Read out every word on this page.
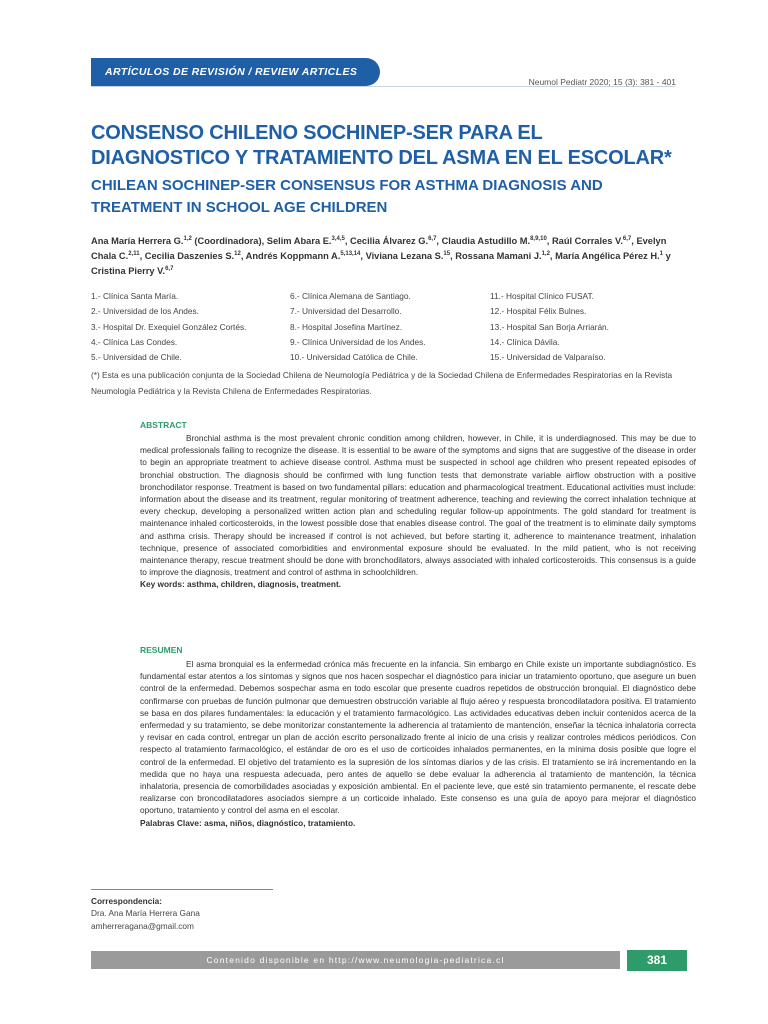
ARTÍCULOS DE REVISIÓN / REVIEW ARTICLES
Neumol Pediatr 2020; 15 (3): 381 - 401
CONSENSO CHILENO SOCHINEP-SER PARA EL DIAGNOSTICO Y TRATAMIENTO DEL ASMA EN EL ESCOLAR*
CHILEAN SOCHINEP-SER CONSENSUS FOR ASTHMA DIAGNOSIS AND TREATMENT IN SCHOOL AGE CHILDREN
Ana María Herrera G.$^{1,2}$ (Coordinadora), Selim Abara E.$^{3,4,5}$, Cecilia Álvarez G.$^{6,7}$, Claudia Astudillo M.$^{8,9,10}$, Raúl Corrales V.$^{6,7}$, Evelyn Chala C.$^{2,11}$, Cecilia Daszenies S.$^{12}$, Andrés Koppmann A.$^{5,13,14}$, Viviana Lezana S.$^{15}$, Rossana Mamani J.$^{1,2}$, María Angélica Pérez H.$^1$ y Cristina Pierry V.$^{6,7}$
1.- Clínica Santa María.
2.- Universidad de los Andes.
3.- Hospital Dr. Exequiel González Cortés.
4.- Clínica Las Condes.
5.- Universidad de Chile.
6.- Clínica Alemana de Santiago.
7.- Universidad del Desarrollo.
8.- Hospital Josefina Martínez.
9.- Clínica Universidad de los Andes.
10.- Universidad Católica de Chile.
11.- Hospital Clínico FUSAT.
12.- Hospital Félix Bulnes.
13.- Hospital San Borja Arriarán.
14.- Clínica Dávila.
15.- Universidad de Valparaíso.
(*) Esta es una publicación conjunta de la Sociedad Chilena de Neumología Pediátrica y de la Sociedad Chilena de Enfermedades Respiratorias en la Revista Neumología Pediátrica y la Revista Chilena de Enfermedades Respiratorias.
ABSTRACT

Bronchial asthma is the most prevalent chronic condition among children, however, in Chile, it is underdiagnosed. This may be due to medical professionals failing to recognize the disease. It is essential to be aware of the symptoms and signs that are suggestive of the disease in order to begin an appropriate treatment to achieve disease control. Asthma must be suspected in school age children who present repeated episodes of bronchial obstruction. The diagnosis should be confirmed with lung function tests that demonstrate variable airflow obstruction with a positive bronchodilator response. Treatment is based on two fundamental pillars: education and pharmacological treatment. Educational activities must include: information about the disease and its treatment, regular monitoring of treatment adherence, teaching and reviewing the correct inhalation technique at every checkup, developing a personalized written action plan and scheduling regular follow-up appointments. The gold standard for treatment is maintenance inhaled corticosteroids, in the lowest possible dose that enables disease control. The goal of the treatment is to eliminate daily symptoms and asthma crisis. Therapy should be increased if control is not achieved, but before starting it, adherence to maintenance treatment, inhalation technique, presence of associated comorbidities and environmental exposure should be evaluated. In the mild patient, who is not receiving maintenance therapy, rescue treatment should be done with bronchodilators, always associated with inhaled corticosteroids. This consensus is a guide to improve the diagnosis, treatment and control of asthma in schoolchildren.

Key words: asthma, children, diagnosis, treatment.

RESUMEN

El asma bronquial es la enfermedad crónica más frecuente en la infancia. Sin embargo en Chile existe un importante subdiagnóstico. Es fundamental estar atentos a los síntomas y signos que nos hacen sospechar el diagnóstico para iniciar un tratamiento oportuno, que asegure un buen control de la enfermedad. Debemos sospechar asma en todo escolar que presente cuadros repetidos de obstrucción bronquial. El diagnóstico debe confirmarse con pruebas de función pulmonar que demuestren obstrucción variable al flujo aéreo y respuesta broncodilatadora positiva. El tratamiento se basa en dos pilares fundamentales: la educación y el tratamiento farmacológico. Las actividades educativas deben incluir contenidos acerca de la enfermedad y su tratamiento, se debe monitorizar constantemente la adherencia al tratamiento de mantención, enseñar la técnica inhalatoria correcta y revisar en cada control, entregar un plan de acción escrito personalizado frente al inicio de una crisis y realizar controles médicos periódicos. Con respecto al tratamiento farmacológico, el estándar de oro es el uso de corticoides inhalados permanentes, en la mínima dosis posible que logre el control de la enfermedad. El objetivo del tratamiento es la supresión de los síntomas diarios y de las crisis. El tratamiento se irá incrementando en la medida que no haya una respuesta adecuada, pero antes de aquello se debe evaluar la adherencia al tratamiento de mantención, la técnica inhalatoria, presencia de comorbilidades asociadas y exposición ambiental. En el paciente leve, que esté sin tratamiento permanente, el rescate debe realizarse con broncodilatadores asociados siempre a un corticoide inhalado. Este consenso es una guía de apoyo para mejorar el diagnóstico oportuno, tratamiento y control del asma en el escolar.

Palabras Clave: asma, niños, diagnóstico, tratamiento.

Correspondencia:
Dra. Ana María Herrera Gana
amherreragana@gmail.com
Contenido disponible en http://www.neumologia-pediatrica.cl	381
